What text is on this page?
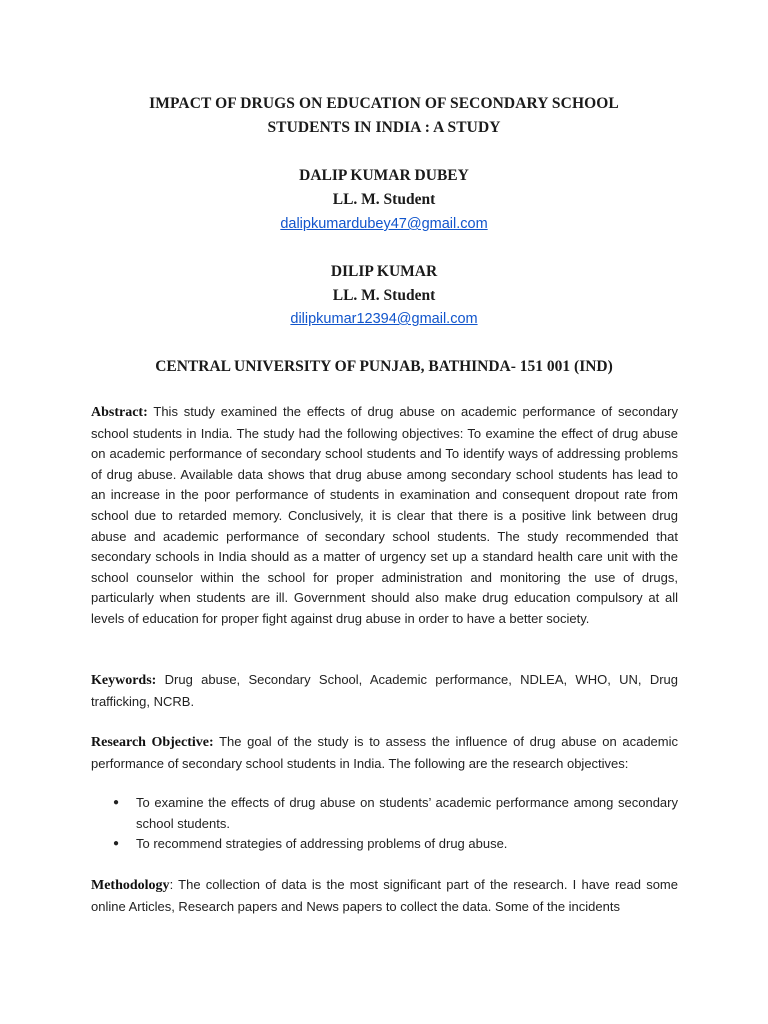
IMPACT OF DRUGS ON EDUCATION OF SECONDARY SCHOOL

STUDENTS IN INDIA : A STUDY

DALIP KUMAR DUBEY

LL. M. Student

dalipkumardubey47@gmail.com

DILIP KUMAR

LL. M. Student

dilipkumar12394@gmail.com

CENTRAL UNIVERSITY OF PUNJAB, BATHINDA- 151 001 (IND)

Abstract: This study examined the effects of drug abuse on academic performance of secondary school students in India. The study had the following objectives: To examine the effect of drug abuse on academic performance of secondary school students and To identify ways of addressing problems of drug abuse. Available data shows that drug abuse among secondary school students has lead to an increase in the poor performance of students in examination and consequent dropout rate from school due to retarded memory. Conclusively, it is clear that there is a positive link between drug abuse and academic performance of secondary school students. The study recommended that secondary schools in India should as a matter of urgency set up a standard health care unit with the school counselor within the school for proper administration and monitoring the use of drugs, particularly when students are ill. Government should also make drug education compulsory at all levels of education for proper fight against drug abuse in order to have a better society.

Keywords: Drug abuse, Secondary School, Academic performance, NDLEA, WHO, UN, Drug trafficking, NCRB.

Research Objective: The goal of the study is to assess the influence of drug abuse on academic performance of secondary school students in India. The following are the research objectives:

● To examine the effects of drug abuse on students’ academic performance among secondary school students.
● To recommend strategies of addressing problems of drug abuse.

Methodology: The collection of data is the most significant part of the research. I have read some online Articles, Research papers and News papers to collect the data. Some of the incidents
